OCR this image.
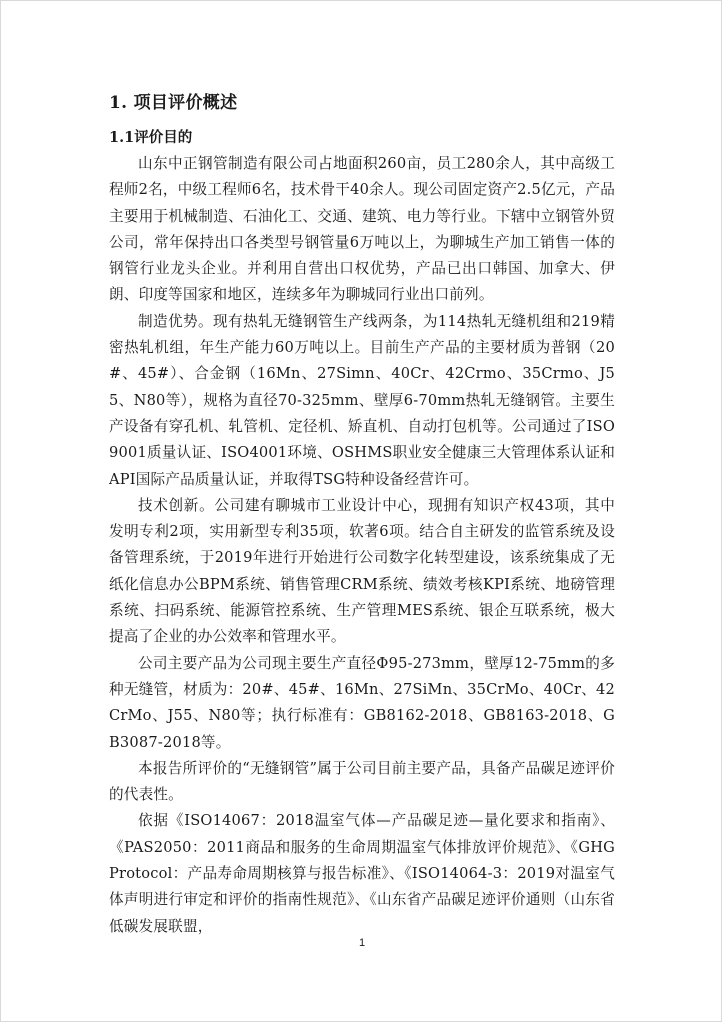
1. 项目评价概述
1.1评价目的

山东中正钢管制造有限公司占地面积260亩，员工280余人，其中高级工程师2名，中级工程师6名，技术骨干40余人。现公司固定资产2.5亿元，产品主要用于机械制造、石油化工、交通、建筑、电力等行业。下辖中立钢管外贸公司，常年保持出口各类型号钢管量6万吨以上，为聊城生产加工销售一体的钢管行业龙头企业。并利用自营出口权优势，产品已出口韩国、加拿大、伊朗、印度等国家和地区，连续多年为聊城同行业出口前列。

制造优势。现有热轧无缝钢管生产线两条，为114热轧无缝机组和219精密热轧机组，年生产能力60万吨以上。目前生产产品的主要材质为普钢（20#、45#）、合金钢（16Mn、27Simn、40Cr、42Crmo、35Crmo、J55、N80等），规格为直径70-325mm、壁厚6-70mm热轧无缝钢管。主要生产设备有穿孔机、轧管机、定径机、矫直机、自动打包机等。公司通过了ISO9001质量认证、ISO4001环境、OSHMS职业安全健康三大管理体系认证和API国际产品质量认证，并取得TSG特种设备经营许可。

技术创新。公司建有聊城市工业设计中心，现拥有知识产权43项，其中发明专利2项，实用新型专利35项，软著6项。结合自主研发的监管系统及设备管理系统，于2019年进行开始进行公司数字化转型建设，该系统集成了无纸化信息办公BPM系统、销售管理CRM系统、绩效考核KPI系统、地磅管理系统、扫码系统、能源管控系统、生产管理MES系统、银企互联系统，极大提高了企业的办公效率和管理水平。

公司主要产品为公司现主要生产直径Φ95-273mm，壁厚12-75mm的多种无缝管，材质为：20#、45#、16Mn、27SiMn、35CrMo、40Cr、42CrMo、J55、N80等；执行标准有：GB8162-2018、GB8163-2018、GB3087-2018等。

本报告所评价的“无缝钢管”属于公司目前主要产品，具备产品碳足迹评价的代表性。

依据《ISO14067：2018温室气体—产品碳足迹—量化要求和指南》、《PAS2050：2011商品和服务的生命周期温室气体排放评价规范》、《GHGProtocol：产品寿命周期核算与报告标准》、《ISO14064-3：2019对温室气体声明进行审定和评价的指南性规范》、《山东省产品碳足迹评价通则（山东省低碳发展联盟，

1
